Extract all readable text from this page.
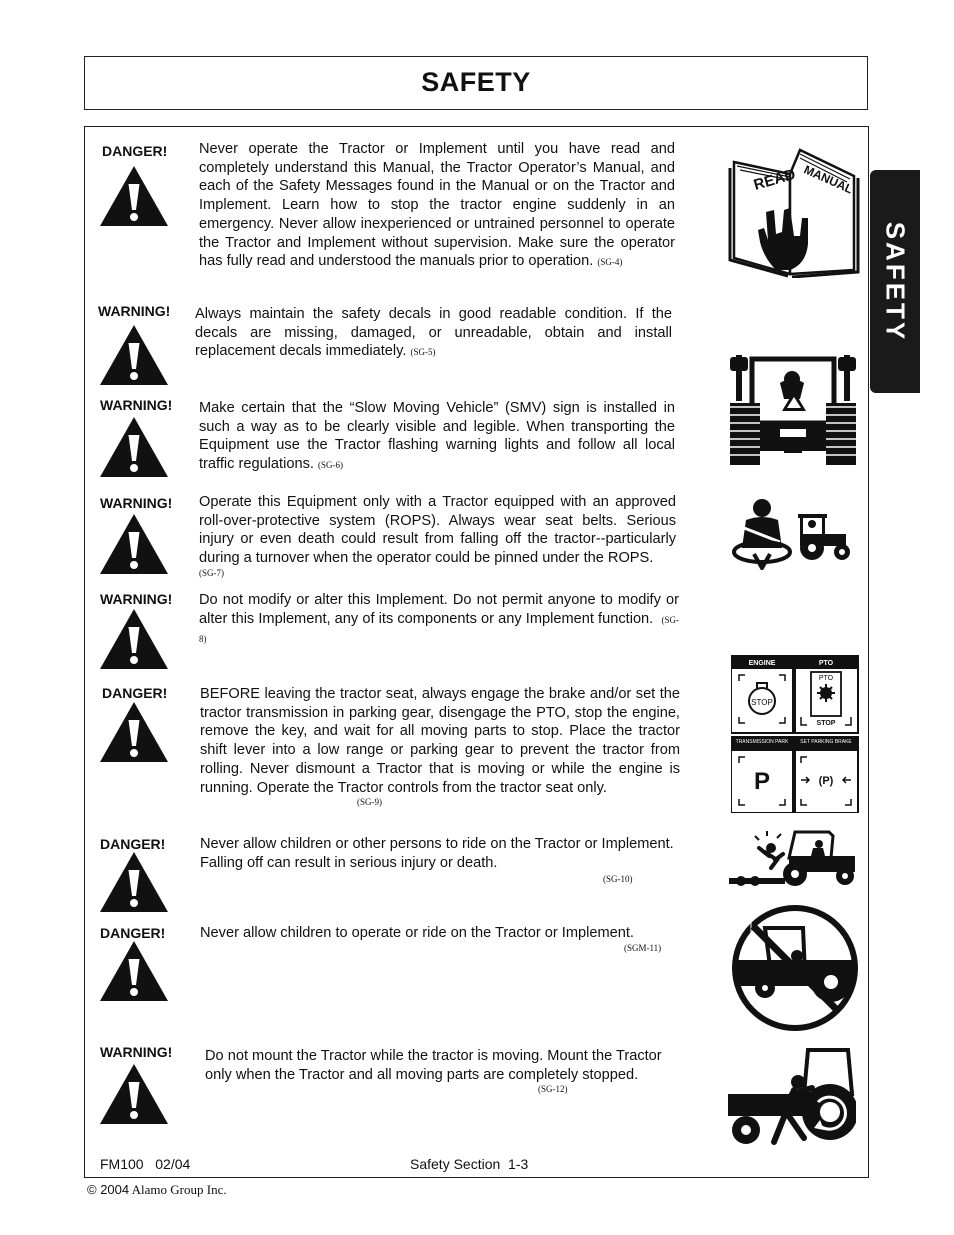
SAFETY
SAFETY
DANGER! Never operate the Tractor or Implement until you have read and completely understand this Manual, the Tractor Operator’s Manual, and each of the Safety Messages found in the Manual or on the Tractor and Implement. Learn how to stop the tractor engine suddenly in an emergency. Never allow inexperienced or untrained personnel to operate the Tractor and Implement without supervision. Make sure the operator has fully read and understood the manuals prior to operation. (SG-4)
WARNING! Always maintain the safety decals in good readable condition. If the decals are missing, damaged, or unreadable, obtain and install replacement decals immediately. (SG-5)
WARNING! Make certain that the “Slow Moving Vehicle” (SMV) sign is installed in such a way as to be clearly visible and legible. When transporting the Equipment use the Tractor flashing warning lights and follow all local traffic regulations. (SG-6)
WARNING! Operate this Equipment only with a Tractor equipped with an approved roll-over-protective system (ROPS). Always wear seat belts. Serious injury or even death could result from falling off the tractor--particularly during a turnover when the operator could be pinned under the ROPS.
(SG-7)
WARNING! Do not modify or alter this Implement. Do not permit anyone to modify or alter this Implement, any of its components or any Implement function. (SG-8)
DANGER! BEFORE leaving the tractor seat, always engage the brake and/or set the tractor transmission in parking gear, disengage the PTO, stop the engine, remove the key, and wait for all moving parts to stop. Place the tractor shift lever into a low range or parking gear to prevent the tractor from rolling. Never dismount a Tractor that is moving or while the engine is running. Operate the Tractor controls from the tractor seat only.
(SG-9)
DANGER! Never allow children or other persons to ride on the Tractor or Implement. Falling off can result in serious injury or death.
(SG-10)
DANGER! Never allow children to operate or ride on the Tractor or Implement.
(SGM-11)
WARNING! Do not mount the Tractor while the tractor is moving. Mount the Tractor only when the Tractor and all moving parts are completely stopped.
(SG-12)
READ MANUAL
ENGINE
STOP
PTO
PTO
STOP
TRANSMISSION PARK
P
SET PARKING BRAKE
(P)
FM100   02/04	Safety Section  1-3
© 2004 Alamo Group Inc.
